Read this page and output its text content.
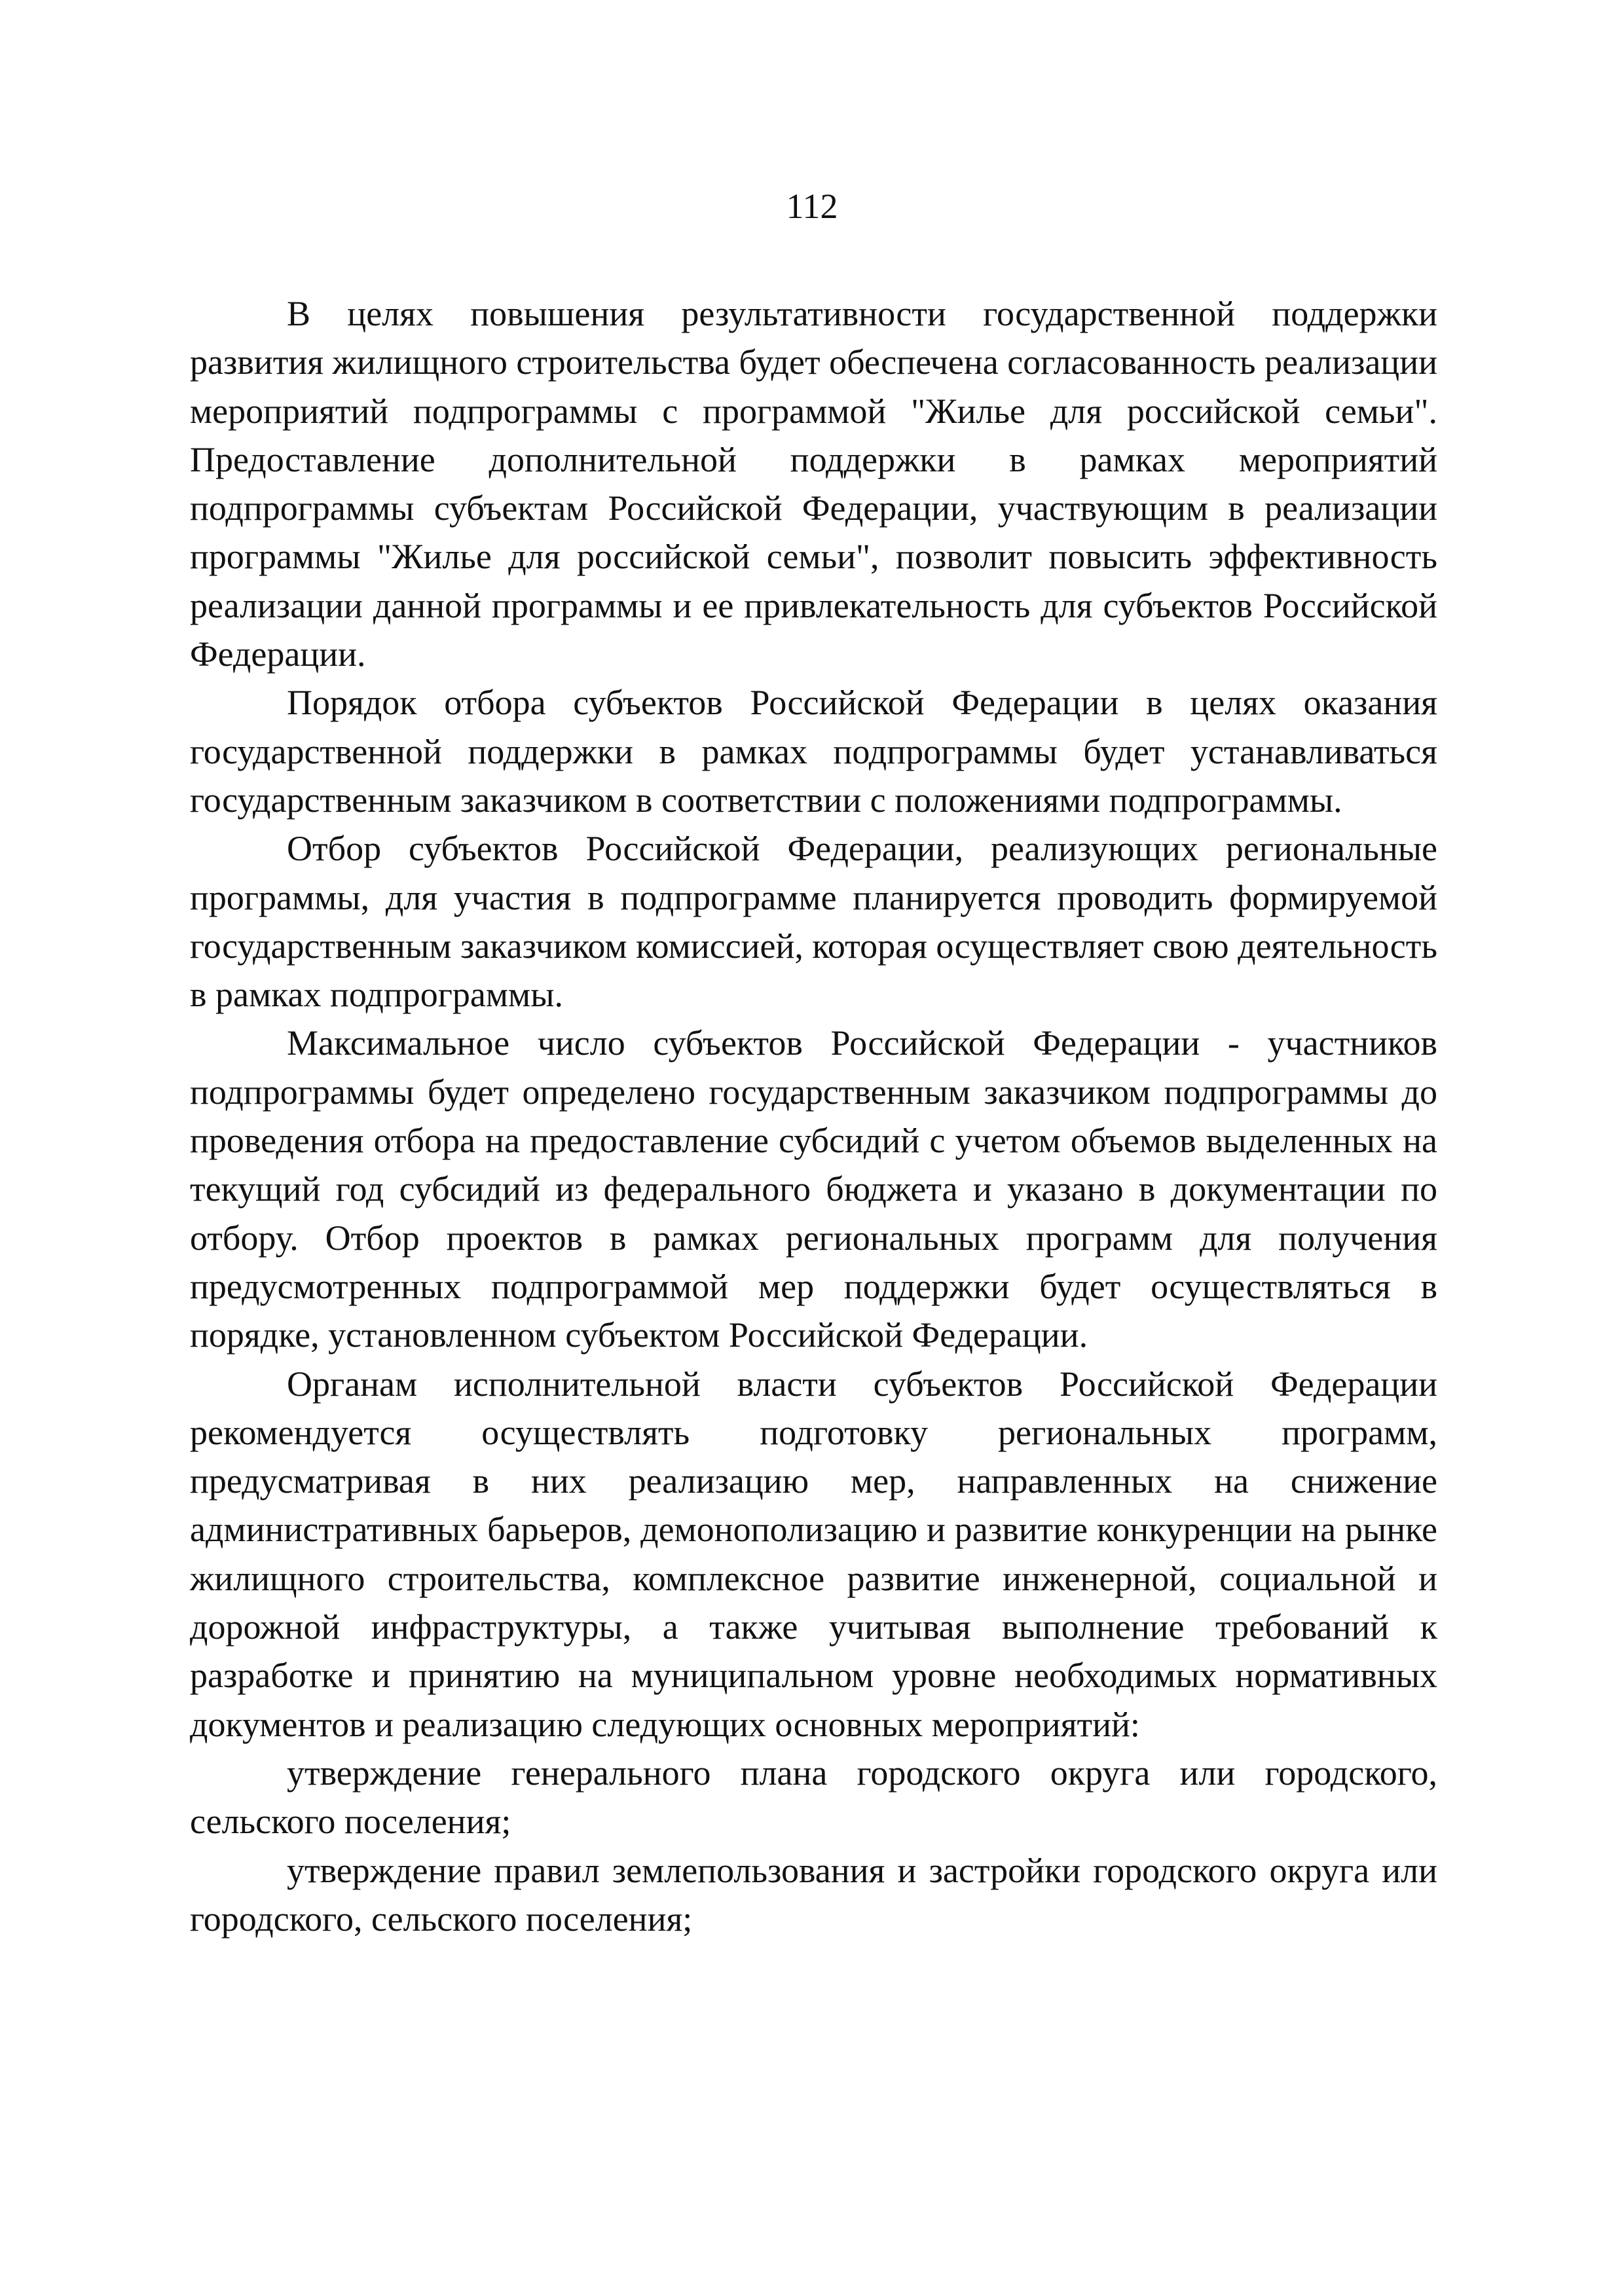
112

В целях повышения результативности государственной поддержки развития жилищного строительства будет обеспечена согласованность реализации мероприятий подпрограммы с программой "Жилье для российской семьи". Предоставление дополнительной поддержки в рамках мероприятий подпрограммы субъектам Российской Федерации, участвующим в реализации программы "Жилье для российской семьи", позволит повысить эффективность реализации данной программы и ее привлекательность для субъектов Российской Федерации.

Порядок отбора субъектов Российской Федерации в целях оказания государственной поддержки в рамках подпрограммы будет устанавливаться государственным заказчиком в соответствии с положениями подпрограммы.

Отбор субъектов Российской Федерации, реализующих региональные программы, для участия в подпрограмме планируется проводить формируемой государственным заказчиком комиссией, которая осуществляет свою деятельность в рамках подпрограммы.

Максимальное число субъектов Российской Федерации - участников подпрограммы будет определено государственным заказчиком подпрограммы до проведения отбора на предоставление субсидий с учетом объемов выделенных на текущий год субсидий из федерального бюджета и указано в документации по отбору. Отбор проектов в рамках региональных программ для получения предусмотренных подпрограммой мер поддержки будет осуществляться в порядке, установленном субъектом Российской Федерации.

Органам исполнительной власти субъектов Российской Федерации рекомендуется осуществлять подготовку региональных программ, предусматривая в них реализацию мер, направленных на снижение административных барьеров, демонополизацию и развитие конкуренции на рынке жилищного строительства, комплексное развитие инженерной, социальной и дорожной инфраструктуры, а также учитывая выполнение требований к разработке и принятию на муниципальном уровне необходимых нормативных документов и реализацию следующих основных мероприятий:

утверждение генерального плана городского округа или городского, сельского поселения;

утверждение правил землепользования и застройки городского округа или городского, сельского поселения;
